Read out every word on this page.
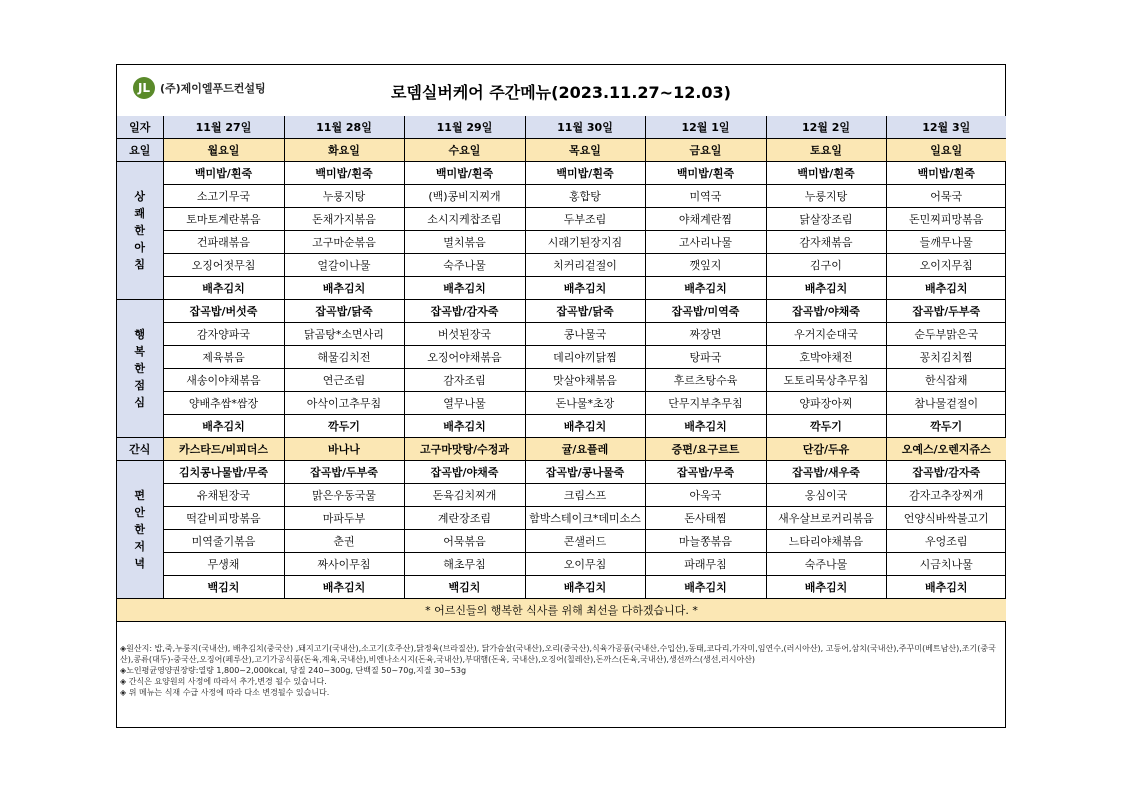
JL (주)제이엘푸드컨설팅	로뎀실버케어 주간메뉴(2023.11.27~12.03)
일자	11월 27일	11월 28일	11월 29일	11월 30일	12월 1일	12월 2일	12월 3일
요일	월요일	화요일	수요일	목요일	금요일	토요일	일요일

상
쾌
한
아
침	백미밥/흰죽	백미밥/흰죽	백미밥/흰죽	백미밥/흰죽	백미밥/흰죽	백미밥/흰죽	백미밥/흰죽
	소고기무국	누룽지탕	(백)콩비지찌개	홍합탕	미역국	누룽지탕	어묵국
	토마토계란볶음	돈채가지볶음	소시지케찹조림	두부조림	야채계란찜	닭살장조림	돈민찌피망볶음
	건파래볶음	고구마순볶음	멸치볶음	시래기된장지짐	고사리나물	감자채볶음	들깨무나물
	오징어젓무침	얼갈이나물	숙주나물	치커리겉절이	깻잎지	김구이	오이지무침
	배추김치	배추김치	배추김치	배추김치	배추김치	배추김치	배추김치

행
복
한
점
심	잡곡밥/버섯죽	잡곡밥/닭죽	잡곡밥/감자죽	잡곡밥/닭죽	잡곡밥/미역죽	잡곡밥/야채죽	잡곡밥/두부죽
	감자양파국	닭곰탕*소면사리	버섯된장국	콩나물국	짜장면	우거지순대국	순두부맑은국
	제육볶음	해물김치전	오징어야채볶음	데리야끼닭찜	탕파국	호박야채전	꽁치김치찜
	새송이야채볶음	연근조림	감자조림	맛살야채볶음	후르츠탕수육	도토리묵상추무침	한식잡채
	양배추쌈*쌈장	아삭이고추무침	열무나물	돈나물*초장	단무지부추무침	양파장아찌	참나물겉절이
	배추김치	깍두기	배추김치	배추김치	배추김치	깍두기	깍두기
간식	카스타드/비피더스	바나나	고구마맛탕/수정과	귤/요플레	증편/요구르트	단감/두유	오예스/오렌지쥬스

편
안
한
저
녁	김치콩나물밥/무죽	잡곡밥/두부죽	잡곡밥/야채죽	잡곡밥/콩나물죽	잡곡밥/무죽	잡곡밥/새우죽	잡곡밥/감자죽
	유채된장국	맑은우동국물	돈육김치찌개	크림스프	아욱국	옹심이국	감자고추장찌개
	떡갈비피망볶음	마파두부	계란장조림	함박스테이크*데미소스	돈사태찜	새우살브로커리볶음	언양식바싹불고기
	미역줄기볶음	춘권	어묵볶음	콘샐러드	마늘쫑볶음	느타리야채볶음	우엉조림
	무생채	짜사이무침	해초무침	오이무침	파래무침	숙주나물	시금치나물
	백김치	배추김치	백김치	배추김치	배추김치	배추김치	배추김치
* 어르신들의 행복한 식사를 위해 최선을 다하겠습니다. *							
◈원산지: 밥,죽,누룽지(국내산), 배추김치(중국산) ,돼지고기(국내산),소고기(호주산),닭정육(브라질산), 닭가슴살(국내산),오리(중국산),식육가공품(국내산,수입산),동태,코다리,가자미,임연수,(러시아산), 고등어,삼치(국내산),주꾸미(베트남산),조기(중국산),콩류(대두)-중국산,오징어(페루산),고기가공식품(돈육,계육,국내산),비엔나소시지(돈육,국내산),부대햄(돈육, 국내산),오징어(칠레산),돈까스(돈육,국내산),생선까스(생선,러시아산)
◈노인평균영양권장량:열량 1,800~2,000kcal, 당질 240~300g, 단백질 50~70g,지질 30~53g
◈ 간식은 요양원의 사정에 따라서 추가,변경 될수 있습니다.
◈ 위 메뉴는 식재 수급 사정에 따라 다소 변경될수 있습니다.
